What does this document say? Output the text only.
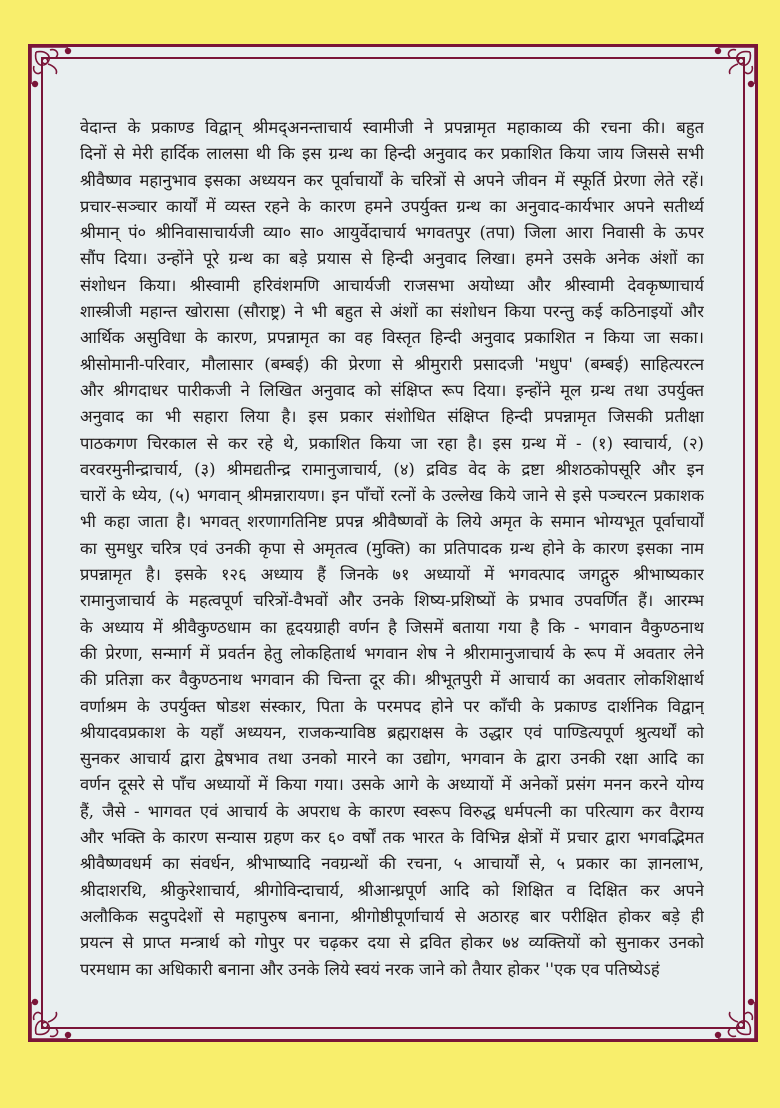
वेदान्त के प्रकाण्ड विद्वान् श्रीमद्अनन्ताचार्य स्वामीजी ने प्रपन्नामृत महाकाव्य की रचना की। बहुत
दिनों से मेरी हार्दिक लालसा थी कि इस ग्रन्थ का हिन्दी अनुवाद कर प्रकाशित किया जाय जिससे सभी
श्रीवैष्णव महानुभाव इसका अध्ययन कर पूर्वाचार्यों के चरित्रों से अपने जीवन में स्फूर्ति प्रेरणा लेते रहें।
प्रचार-सञ्चार कार्यों में व्यस्त रहने के कारण हमने उपर्युक्त ग्रन्थ का अनुवाद-कार्यभार अपने सतीर्थ्य
श्रीमान् पं० श्रीनिवासाचार्यजी व्या० सा० आयुर्वेदाचार्य भगवतपुर (तपा) जिला आरा निवासी के ऊपर
सौंप दिया। उन्होंने पूरे ग्रन्थ का बड़े प्रयास से हिन्दी अनुवाद लिखा। हमने उसके अनेक अंशों का
संशोधन किया। श्रीस्वामी हरिवंशमणि आचार्यजी राजसभा अयोध्या और श्रीस्वामी देवकृष्णाचार्य
शास्त्रीजी महान्त खोरासा (सौराष्ट्र) ने भी बहुत से अंशों का संशोधन किया परन्तु कई कठिनाइयों और
आर्थिक असुविधा के कारण, प्रपन्नामृत का वह विस्तृत हिन्दी अनुवाद प्रकाशित न किया जा सका।
श्रीसोमानी-परिवार, मौलासार (बम्बई) की प्रेरणा से श्रीमुरारी प्रसादजी 'मधुप' (बम्बई) साहित्यरत्न
और श्रीगदाधर पारीकजी ने लिखित अनुवाद को संक्षिप्त रूप दिया। इन्होंने मूल ग्रन्थ तथा उपर्युक्त
अनुवाद का भी सहारा लिया है। इस प्रकार संशोधित संक्षिप्त हिन्दी प्रपन्नामृत जिसकी प्रतीक्षा
पाठकगण चिरकाल से कर रहे थे, प्रकाशित किया जा रहा है। इस ग्रन्थ में - (१) स्वाचार्य, (२)
वरवरमुनीन्द्राचार्य, (३) श्रीमद्यतीन्द्र रामानुजाचार्य, (४) द्रविड वेद के द्रष्टा श्रीशठकोपसूरि और इन
चारों के ध्येय, (५) भगवान् श्रीमन्नारायण। इन पाँचों रत्नों के उल्लेख किये जाने से इसे पञ्चरत्न प्रकाशक
भी कहा जाता है। भगवत् शरणागतिनिष्ट प्रपन्न श्रीवैष्णवों के लिये अमृत के समान भोग्यभूत पूर्वाचार्यों
का सुमधुर चरित्र एवं उनकी कृपा से अमृतत्व (मुक्ति) का प्रतिपादक ग्रन्थ होने के कारण इसका नाम
प्रपन्नामृत है। इसके १२६ अध्याय हैं जिनके ७१ अध्यायों में भगवत्पाद जगद्गुरु श्रीभाष्यकार
रामानुजाचार्य के महत्वपूर्ण चरित्रों-वैभवों और उनके शिष्य-प्रशिष्यों के प्रभाव उपवर्णित हैं। आरम्भ
के अध्याय में श्रीवैकुण्ठधाम का हृदयग्राही वर्णन है जिसमें बताया गया है कि - भगवान वैकुण्ठनाथ
की प्रेरणा, सन्मार्ग में प्रवर्तन हेतु लोकहितार्थ भगवान शेष ने श्रीरामानुजाचार्य के रूप में अवतार लेने
की प्रतिज्ञा कर वैकुण्ठनाथ भगवान की चिन्ता दूर की। श्रीभूतपुरी में आचार्य का अवतार लोकशिक्षार्थ
वर्णाश्रम के उपर्युक्त षोडश संस्कार, पिता के परमपद होने पर काँची के प्रकाण्ड दार्शनिक विद्वान्
श्रीयादवप्रकाश के यहाँ अध्ययन, राजकन्याविष्ठ ब्रह्मराक्षस के उद्धार एवं पाण्डित्यपूर्ण श्रुत्यर्थों को
सुनकर आचार्य द्वारा द्वेषभाव तथा उनको मारने का उद्योग, भगवान के द्वारा उनकी रक्षा आदि का
वर्णन दूसरे से पाँच अध्यायों में किया गया। उसके आगे के अध्यायों में अनेकों प्रसंग मनन करने योग्य
हैं, जैसे - भागवत एवं आचार्य के अपराध के कारण स्वरूप विरुद्ध धर्मपत्नी का परित्याग कर वैराग्य
और भक्ति के कारण सन्यास ग्रहण कर ६० वर्षों तक भारत के विभिन्न क्षेत्रों में प्रचार द्वारा भगवद्भिमत
श्रीवैष्णवधर्म का संवर्धन, श्रीभाष्यादि नवग्रन्थों की रचना, ५ आचार्यों से, ५ प्रकार का ज्ञानलाभ,
श्रीदाशरथि, श्रीकुरेशाचार्य, श्रीगोविन्दाचार्य, श्रीआन्ध्रपूर्ण आदि को शिक्षित व दिक्षित कर अपने
अलौकिक सदुपदेशों से महापुरुष बनाना, श्रीगोष्ठीपूर्णाचार्य से अठारह बार परीक्षित होकर बड़े ही
प्रयत्न से प्राप्त मन्त्रार्थ को गोपुर पर चढ़कर दया से द्रवित होकर ७४ व्यक्तियों को सुनाकर उनको
परमधाम का अधिकारी बनाना और उनके लिये स्वयं नरक जाने को तैयार होकर ''एक एव पतिष्येऽहं
